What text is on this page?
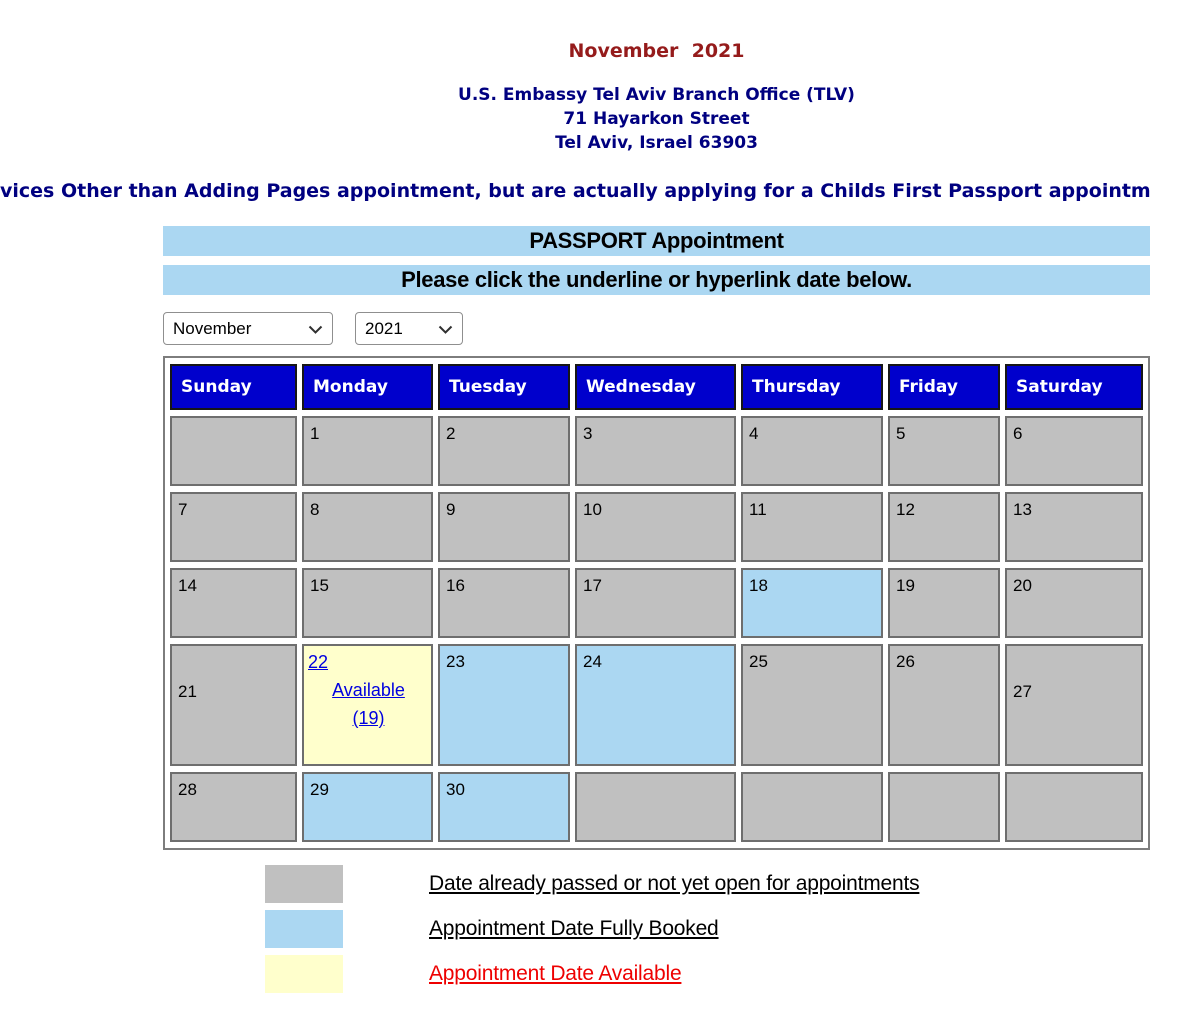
November  2021
U.S. Embassy Tel Aviv Branch Office (TLV)
71 Hayarkon Street
Tel Aviv, Israel 63903
vices Other than Adding Pages appointment, but are actually applying for a Childs First Passport appointm
PASSPORT Appointment
Please click the underline or hyperlink date below.
November
2021
Sunday	Monday	Tuesday	Wednesday	Thursday	Friday	Saturday
	1	2	3	4	5	6
7	8	9	10	11	12	13
14	15	16	17	18	19	20
21	22
Available
(19)	23	24	25	26	27
28	29	30				
Date already passed or not yet open for appointments
Appointment Date Fully Booked
Appointment Date Available
